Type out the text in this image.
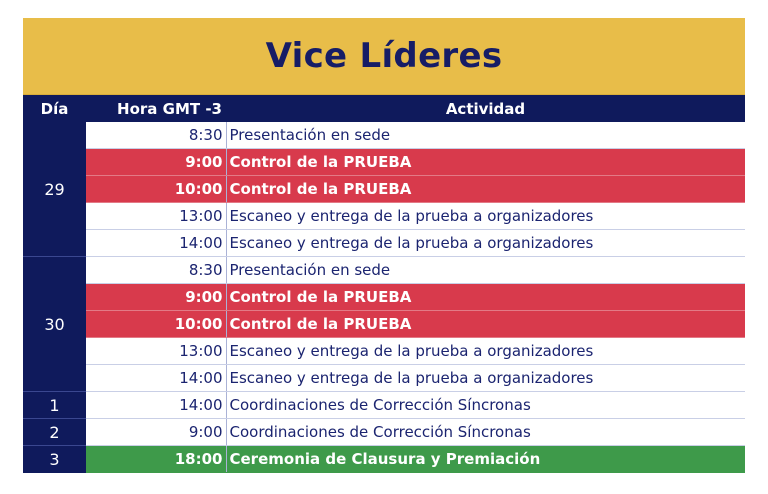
Vice Líderes
Día	Hora GMT -3	Actividad
29	8:30	Presentación en sede
	9:00	Control de la PRUEBA
	10:00	Control de la PRUEBA
	13:00	Escaneo y entrega de la prueba a organizadores
	14:00	Escaneo y entrega de la prueba a organizadores
30	8:30	Presentación en sede
	9:00	Control de la PRUEBA
	10:00	Control de la PRUEBA
	13:00	Escaneo y entrega de la prueba a organizadores
	14:00	Escaneo y entrega de la prueba a organizadores
1	14:00	Coordinaciones de Corrección Síncronas
2	9:00	Coordinaciones de Corrección Síncronas
3	18:00	Ceremonia de Clausura y Premiación
